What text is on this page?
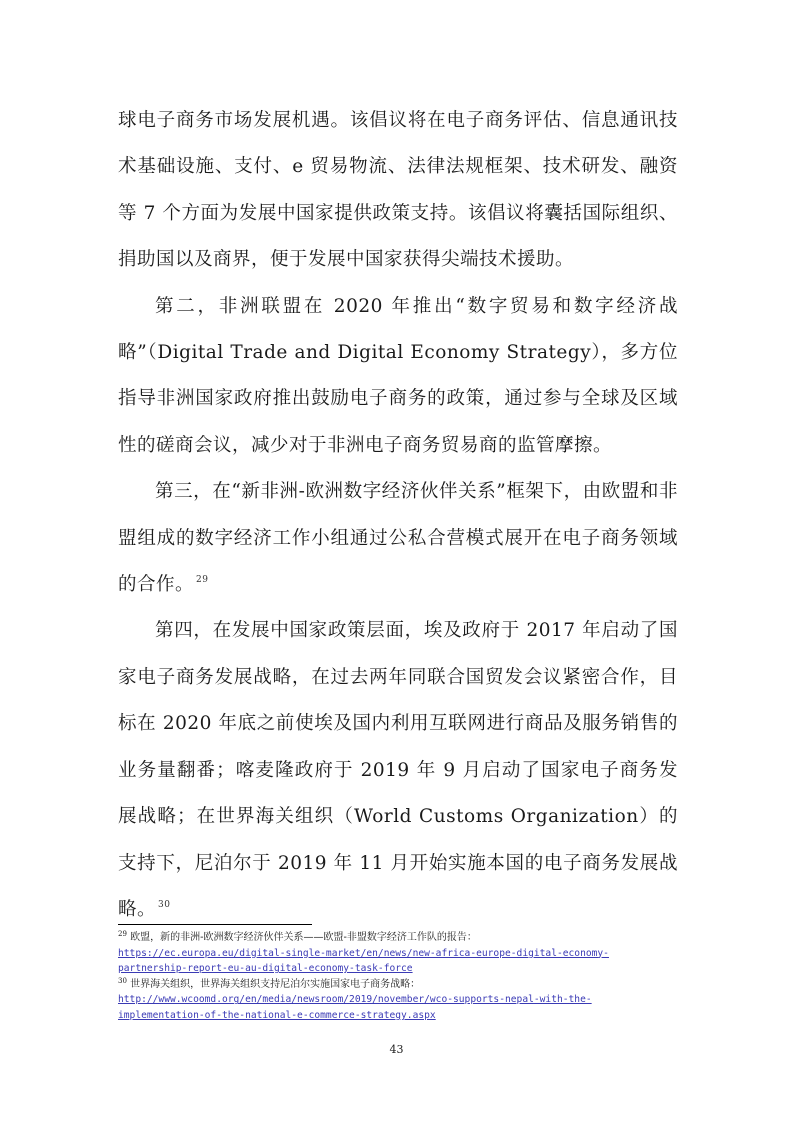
球电子商务市场发展机遇。该倡议将在电子商务评估、信息通讯技术基础设施、支付、e 贸易物流、法律法规框架、技术研发、融资等 7 个方面为发展中国家提供政策支持。该倡议将囊括国际组织、捐助国以及商界，便于发展中国家获得尖端技术援助。

第二，非洲联盟在 2020 年推出“数字贸易和数字经济战略”（Digital Trade and Digital Economy Strategy），多方位指导非洲国家政府推出鼓励电子商务的政策，通过参与全球及区域性的磋商会议，减少对于非洲电子商务贸易商的监管摩擦。

第三，在“新非洲-欧洲数字经济伙伴关系”框架下，由欧盟和非盟组成的数字经济工作小组通过公私合营模式展开在电子商务领域的合作。 $^{29}$

第四，在发展中国家政策层面，埃及政府于 2017 年启动了国家电子商务发展战略，在过去两年同联合国贸发会议紧密合作，目标在 2020 年底之前使埃及国内利用互联网进行商品及服务销售的业务量翻番；喀麦隆政府于 2019 年 9 月启动了国家电子商务发展战略；在世界海关组织（World Customs Organization）的支持下，尼泊尔于 2019 年 11 月开始实施本国的电子商务发展战略。 $^{30}$

$^{29}$ 欧盟，新的非洲-欧洲数字经济伙伴关系——欧盟-非盟数字经济工作队的报告：

https://ec.europa.eu/digital-single-market/en/news/new-africa-europe-digital-economy-
partnership-report-eu-au-digital-economy-task-force

$^{30}$ 世界海关组织，世界海关组织支持尼泊尔实施国家电子商务战略：

http://www.wcoomd.org/en/media/newsroom/2019/november/wco-supports-nepal-with-the-
implementation-of-the-national-e-commerce-strategy.aspx
43
